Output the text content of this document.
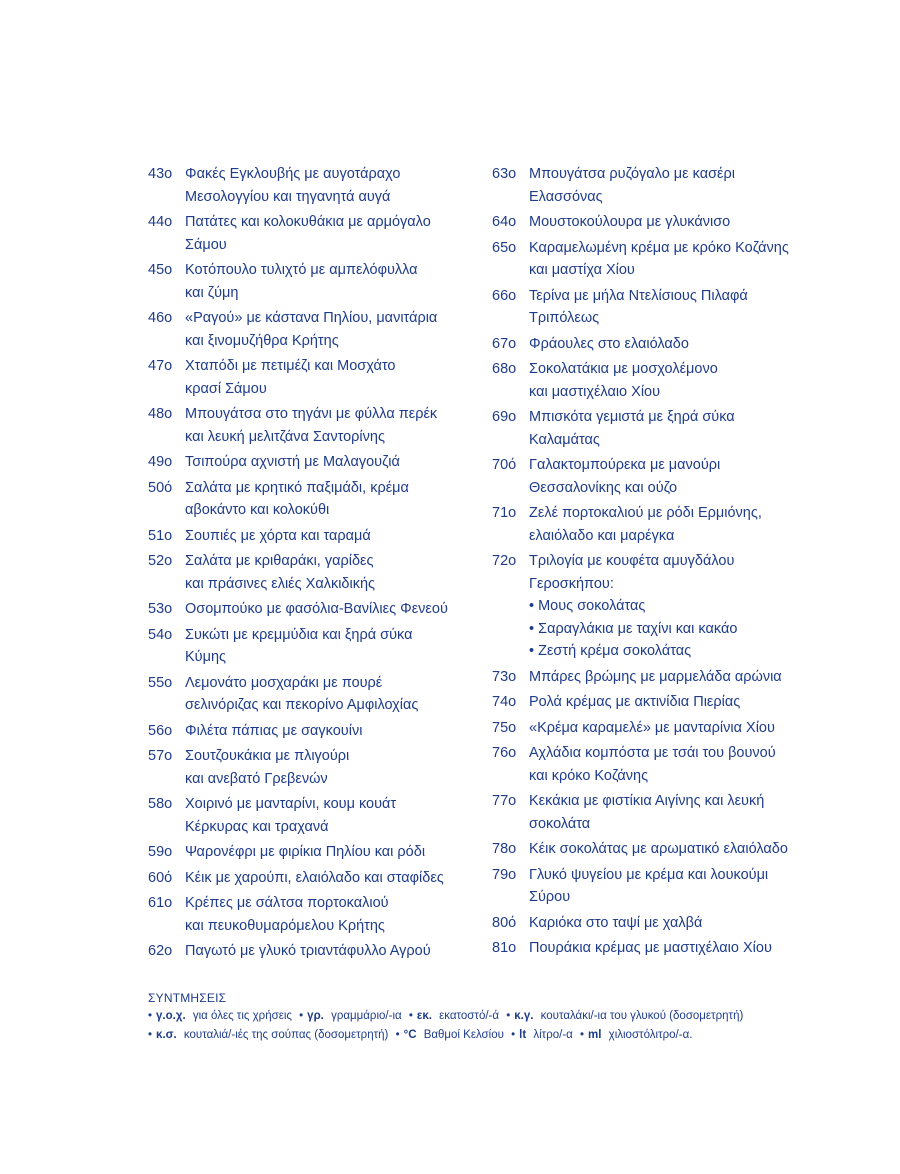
43ο Φακές Εγκλουβής με αυγοτάραχο
Μεσολογγίου και τηγανητά αυγά
44ο Πατάτες και κολοκυθάκια με αρμόγαλο
Σάμου
45ο Κοτόπουλο τυλιχτό με αμπελόφυλλα
και ζύμη
46ο «Ραγού» με κάστανα Πηλίου, μανιτάρια
και ξινομυζήθρα Κρήτης
47ο Χταπόδι με πετιμέζι και Μοσχάτο
κρασί Σάμου
48ο Μπουγάτσα στο τηγάνι με φύλλα περέκ
και λευκή μελιτζάνα Σαντορίνης
49ο Τσιπούρα αχνιστή με Μαλαγουζιά
50ό Σαλάτα με κρητικό παξιμάδι, κρέμα
αβοκάντο και κολοκύθι
51ο Σουπιές με χόρτα και ταραμά
52ο Σαλάτα με κριθαράκι, γαρίδες
και πράσινες ελιές Χαλκιδικής
53ο Οσομπούκο με φασόλια-Βανίλιες Φενεού
54ο Συκώτι με κρεμμύδια και ξηρά σύκα
Κύμης
55ο Λεμονάτο μοσχαράκι με πουρέ
σελινόριζας και πεκορίνο Αμφιλοχίας
56ο Φιλέτα πάπιας με σαγκουίνι
57ο Σουτζουκάκια με πλιγούρι
και ανεβατό Γρεβενών
58ο Χοιρινό με μανταρίνι, κουμ κουάτ
Κέρκυρας και τραχανά
59ο Ψαρονέφρι με φιρίκια Πηλίου και ρόδι
60ό Κέικ με χαρούπι, ελαιόλαδο και σταφίδες
61ο Κρέπες με σάλτσα πορτοκαλιού
και πευκοθυμαρόμελου Κρήτης
62ο Παγωτό με γλυκό τριαντάφυλλο Αγρού
63ο Μπουγάτσα ρυζόγαλο με κασέρι
Ελασσόνας
64ο Μουστοκούλουρα με γλυκάνισο
65ο Καραμελωμένη κρέμα με κρόκο Κοζάνης
και μαστίχα Χίου
66ο Τερίνα με μήλα Ντελίσιους Πιλαφά
Τριπόλεως
67ο Φράουλες στο ελαιόλαδο
68ο Σοκολατάκια με μοσχολέμονο
και μαστιχέλαιο Χίου
69ο Μπισκότα γεμιστά με ξηρά σύκα
Καλαμάτας
70ό Γαλακτομπούρεκα με μανούρι
Θεσσαλονίκης και ούζο
71ο Ζελέ πορτοκαλιού με ρόδι Ερμιόνης,
ελαιόλαδο και μαρέγκα
72ο Τριλογία με κουφέτα αμυγδάλου
Γεροσκήπου:
• Μους σοκολάτας
• Σαραγλάκια με ταχίνι και κακάο
• Ζεστή κρέμα σοκολάτας
73ο Μπάρες βρώμης με μαρμελάδα αρώνια
74ο Ρολά κρέμας με ακτινίδια Πιερίας
75ο «Κρέμα καραμελέ» με μανταρίνια Χίου
76ο Αχλάδια κομπόστα με τσάι του βουνού
και κρόκο Κοζάνης
77ο Κεκάκια με φιστίκια Αιγίνης και λευκή
σοκολάτα
78ο Κέικ σοκολάτας με αρωματικό ελαιόλαδο
79ο Γλυκό ψυγείου με κρέμα και λουκούμι
Σύρου
80ό Καριόκα στο ταψί με χαλβά
81ο Πουράκια κρέμας με μαστιχέλαιο Χίου
ΣΥΝΤΜΗΣΕΙΣ
• γ.ο.χ. για όλες τις χρήσεις • γρ. γραμμάριο/-ια • εκ. εκατοστό/-ά • κ.γ. κουταλάκι/-ια του γλυκού (δοσομετρητή)
• κ.σ. κουταλιά/-ιές της σούπας (δοσομετρητή) • °C Βαθμοί Κελσίου • lt λίτρο/-α • ml χιλιοστόλιτρο/-α.
